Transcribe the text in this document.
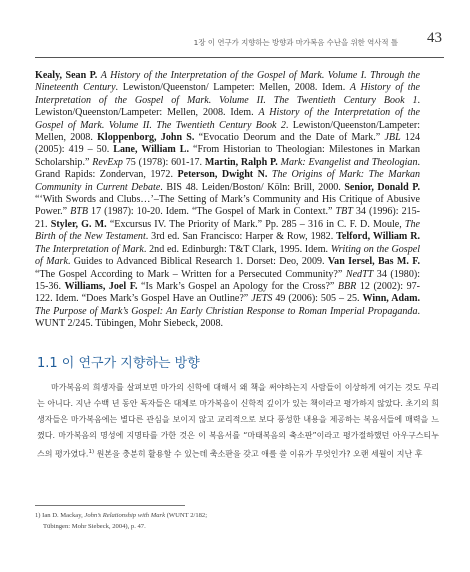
1장 이 연구가 지향하는 방향과 마가복음 수난을 위한 역사적 틀 43

Kealy, Sean P. A History of the Interpretation of the Gospel of Mark. Volume I. Through the Nineteenth Century. Lewiston/Queenston/ Lampeter: Mellen, 2008. Idem. A History of the Interpretation of the Gospel of Mark. Volume II. The Twentieth Century Book 1. Lewiston/Queenston/Lampeter: Mellen, 2008. Idem. A History of the Interpretation of the Gospel of Mark. Volume II. The Twentieth Century Book 2. Lewiston/Queenston/Lampeter: Mellen, 2008. Kloppenborg, John S. “Evocatio Deorum and the Date of Mark.” JBL 124 (2005): 419 – 50. Lane, William L. “From Historian to Theologian: Milestones in Markan Scholarship.” RevExp 75 (1978): 601-17. Martin, Ralph P. Mark: Evangelist and Theologian. Grand Rapids: Zondervan, 1972. Peterson, Dwight N. The Origins of Mark: The Markan Community in Current Debate. BIS 48. Leiden/Boston/ Köln: Brill, 2000. Senior, Donald P. “‘With Swords and Clubs…’–The Setting of Mark’s Community and His Critique of Abusive Power.” BTB 17 (1987): 10-20. Idem. “The Gospel of Mark in Context.” TBT 34 (1996): 215-21. Styler, G. M. “Excursus IV. The Priority of Mark.” Pp. 285 – 316 in C. F. D. Moule, The Birth of the New Testament. 3rd ed. San Francisco: Harper & Row, 1982. Telford, William R. The Interpretation of Mark. 2nd ed. Edinburgh: T&T Clark, 1995. Idem. Writing on the Gospel of Mark. Guides to Advanced Biblical Research 1. Dorset: Deo, 2009. Van Iersel, Bas M. F. “The Gospel According to Mark – Written for a Persecuted Community?” NedTT 34 (1980): 15-36. Williams, Joel F. “Is Mark’s Gospel an Apology for the Cross?” BBR 12 (2002): 97-122. Idem. “Does Mark’s Gospel Have an Outline?” JETS 49 (2006): 505 – 25. Winn, Adam. The Purpose of Mark’s Gospel: An Early Christian Response to Roman Imperial Propaganda. WUNT 2/245. Tübingen, Mohr Siebeck, 2008.

1.1 이 연구가 지향하는 방향

마가복음의 희생자를 살펴보면 마가의 신학에 대해서 왜 책을 써야하는지 사람들이 이상하게 여기는 것도 무리는 아니다. 지난 수백 년 동안 독자들은 대체로 마가복음이 신학적 깊이가 있는 책이라고 평가하지 않았다. 초기의 희생자들은 마가복음에는 별다른 관심을 보이지 않고 교리적으로 보다 풍성한 내용을 제공하는 복음서들에 매력을 느꼈다. 마가복음의 명성에 지명타를 가한 것은 이 복음서를 “마태복음의 축소판”이라고 평가절하했던 아우구스티누스의 평가였다.$^{1)}$ 원본을 충분히 활용할 수 있는데 축소판을 갖고 애를 쓸 이유가 무엇인가? 오랜 세월이 지난 후

1) Ian D. Mackay, John’s Relationship with Mark (WUNT 2/182;
Tübingen: Mohr Siebeck, 2004), p. 47.
